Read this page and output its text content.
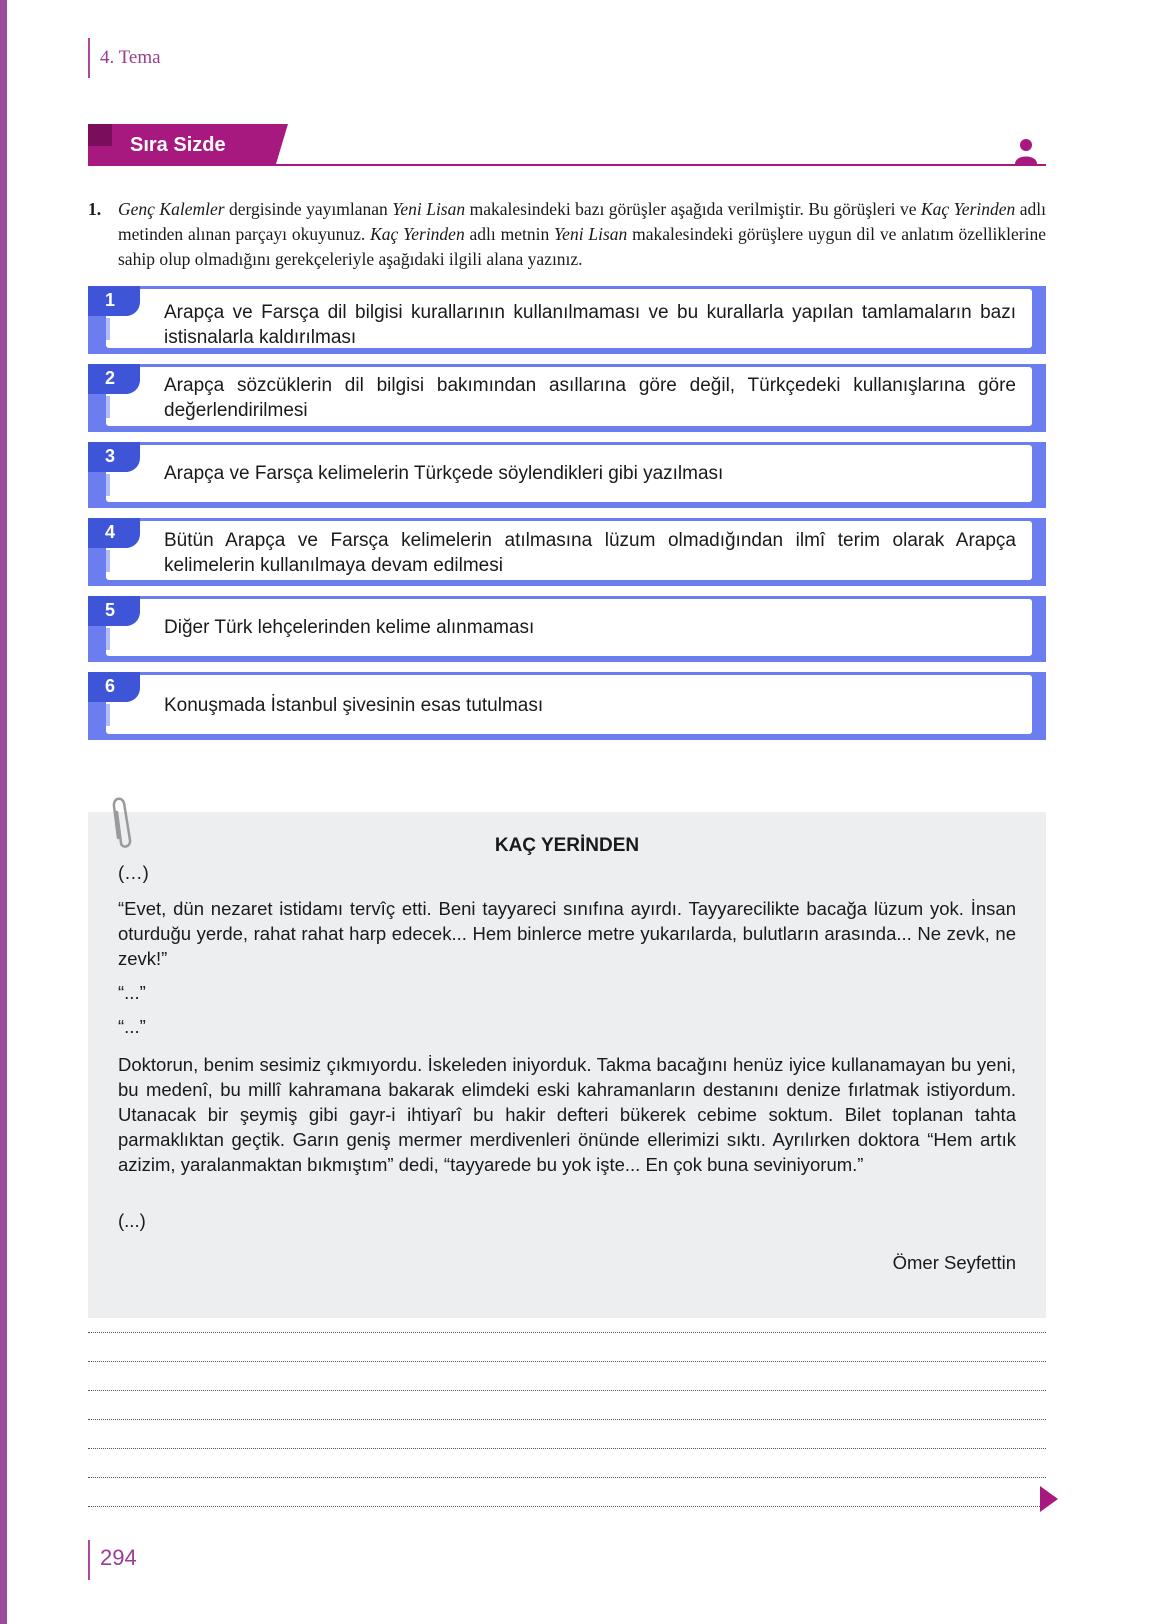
4. Tema
Sıra Sizde
1. Genç Kalemler dergisinde yayımlanan Yeni Lisan makalesindeki bazı görüşler aşağıda verilmiştir. Bu görüşleri ve Kaç Yerinden adlı metinden alınan parçayı okuyunuz. Kaç Yerinden adlı metnin Yeni Lisan makalesindeki görüşlere uygun dil ve anlatım özelliklerine sahip olup olmadığını gerekçeleriyle aşağıdaki ilgili alana yazınız.
1
Arapça ve Farsça dil bilgisi kurallarının kullanılmaması ve bu kurallarla yapılan tamlamaların bazı istisnalarla kaldırılması
2	Arapça sözcüklerin dil bilgisi bakımından asıllarına göre değil, Türkçedeki kullanışlarına göre değerlendirilmesi
3
Arapça ve Farsça kelimelerin Türkçede söylendikleri gibi yazılması
4	Bütün Arapça ve Farsça kelimelerin atılmasına lüzum olmadığından ilmî terim olarak Arapça kelimelerin kullanılmaya devam edilmesi
5
Diğer Türk lehçelerinden kelime alınmaması
6
Konuşmada İstanbul şivesinin esas tutulması
KAÇ YERİNDEN
(…)
“Evet, dün nezaret istidamı tervîç etti. Beni tayyareci sınıfına ayırdı. Tayyarecilikte bacağa lüzum yok. İnsan oturduğu yerde, rahat rahat harp edecek... Hem binlerce metre yukarılarda, bulutların arasında... Ne zevk, ne zevk!”
“...”
“...”
Doktorun, benim sesimiz çıkmıyordu. İskeleden iniyorduk. Takma bacağını henüz iyice kullanamayan bu yeni, bu medenî, bu millî kahramana bakarak elimdeki eski kahramanların destanını denize fırlatmak istiyordum. Utanacak bir şeymiş gibi gayr-i ihtiyarî bu hakir defteri bükerek cebime soktum. Bilet toplanan tahta parmaklıktan geçtik. Garın geniş mermer merdivenleri önünde ellerimizi sıktı. Ayrılırken doktora “Hem artık azizim, yaralanmaktan bıkmıştım” dedi, “tayyarede bu yok işte... En çok buna seviniyorum.”
(...)
Ömer Seyfettin
294
